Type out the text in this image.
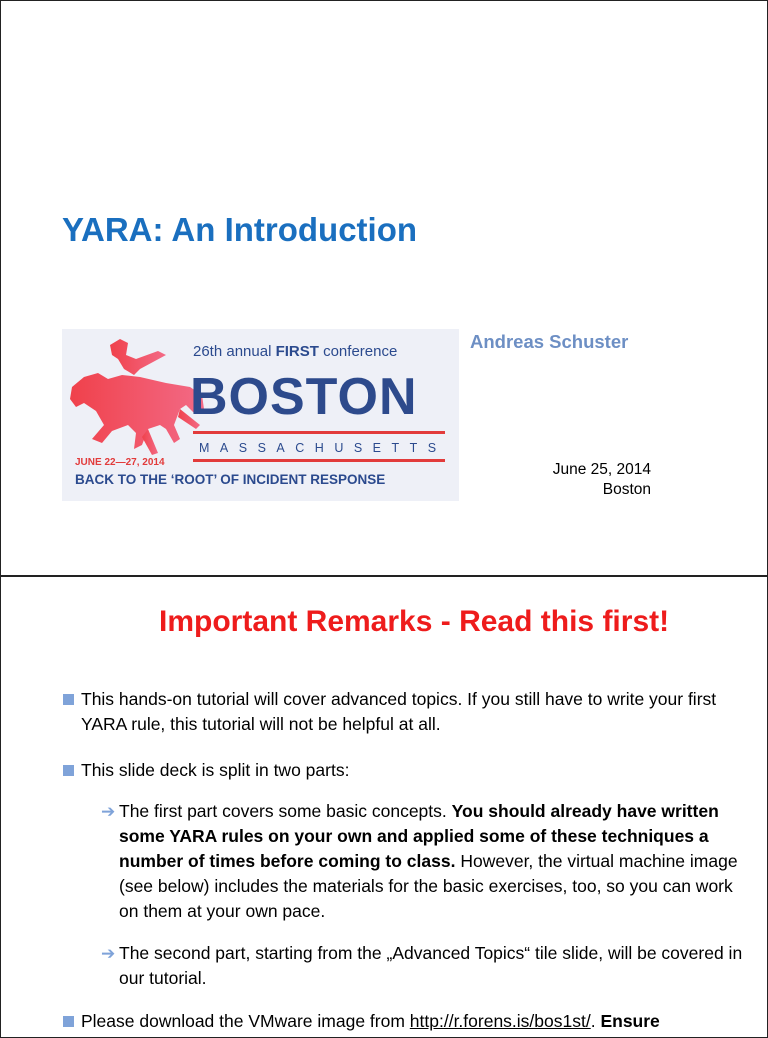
YARA: An Introduction
26th annual FIRST conference
BOSTON
MASSACHUSETTS
JUNE 22—27, 2014
BACK TO THE ‘ROOT’ OF INCIDENT RESPONSE
Andreas Schuster
June 25, 2014
Boston
Important Remarks - Read this first!
This hands-on tutorial will cover advanced topics. If you still have to write your first YARA rule, this tutorial will not be helpful at all.
This slide deck is split in two parts:
➔ The first part covers some basic concepts. You should already have written some YARA rules on your own and applied some of these techniques a number of times before coming to class. However, the virtual machine image (see below) includes the materials for the basic exercises, too, so you can work on them at your own pace.
➔ The second part, starting from the „Advanced Topics“ tile slide, will be covered in our tutorial.
Please download the VMware image from http://r.forens.is/bos1st/. Ensure
